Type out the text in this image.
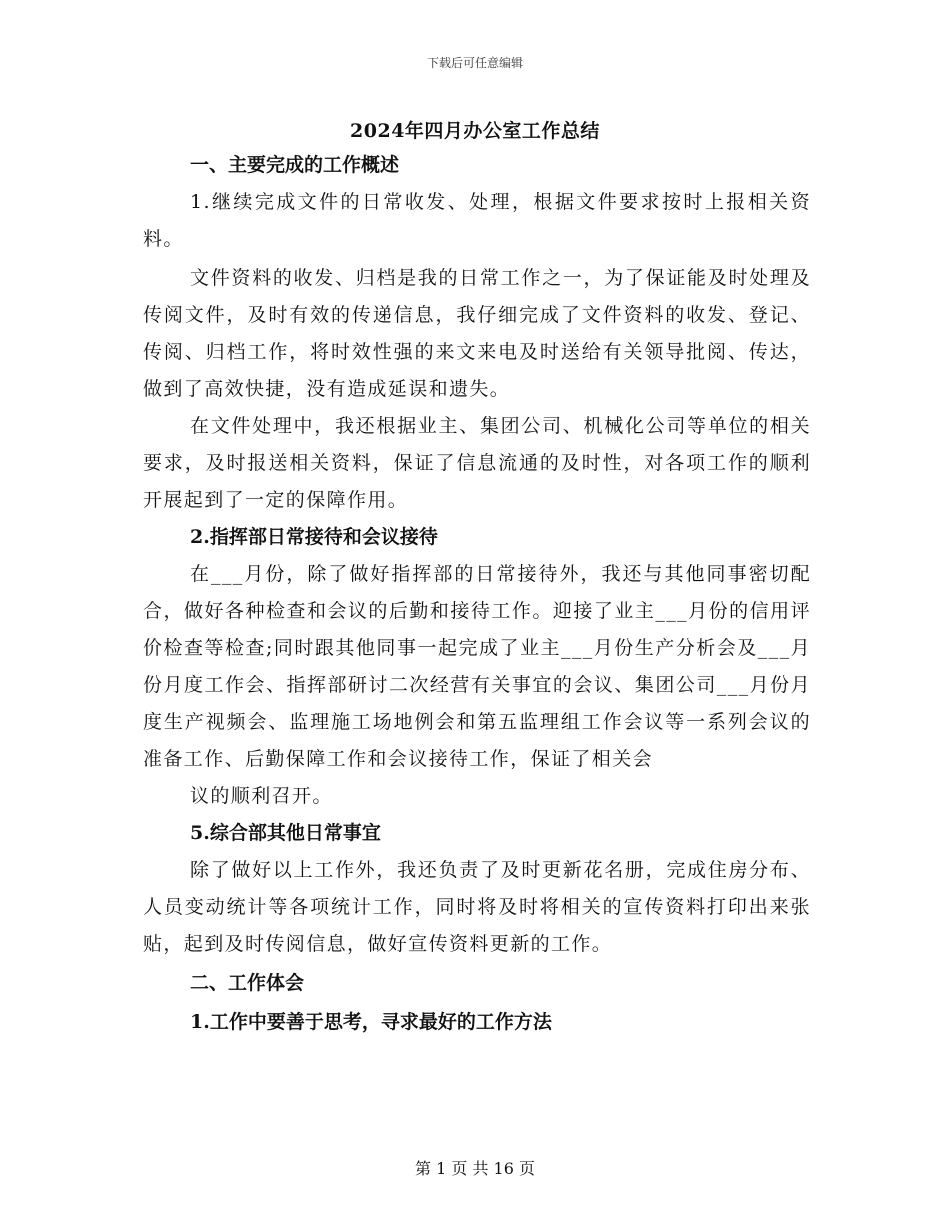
下载后可任意编辑
2024年四月办公室工作总结

一、主要完成的工作概述

1.继续完成文件的日常收发、处理，根据文件要求按时上报相关资料。

文件资料的收发、归档是我的日常工作之一，为了保证能及时处理及传阅文件，及时有效的传递信息，我仔细完成了文件资料的收发、登记、传阅、归档工作，将时效性强的来文来电及时送给有关领导批阅、传达，做到了高效快捷，没有造成延误和遗失。

在文件处理中，我还根据业主、集团公司、机械化公司等单位的相关要求，及时报送相关资料，保证了信息流通的及时性，对各项工作的顺利开展起到了一定的保障作用。

2.指挥部日常接待和会议接待

在___月份，除了做好指挥部的日常接待外，我还与其他同事密切配合，做好各种检查和会议的后勤和接待工作。迎接了业主___月份的信用评价检查等检查;同时跟其他同事一起完成了业主___月份生产分析会及___月份月度工作会、指挥部研讨二次经营有关事宜的会议、集团公司___月份月度生产视频会、监理施工场地例会和第五监理组工作会议等一系列会议的准备工作、后勤保障工作和会议接待工作，保证了相关会

议的顺利召开。

5.综合部其他日常事宜

除了做好以上工作外，我还负责了及时更新花名册，完成住房分布、人员变动统计等各项统计工作，同时将及时将相关的宣传资料打印出来张贴，起到及时传阅信息，做好宣传资料更新的工作。

二、工作体会

1.工作中要善于思考，寻求最好的工作方法

第 1 页 共 16 页
